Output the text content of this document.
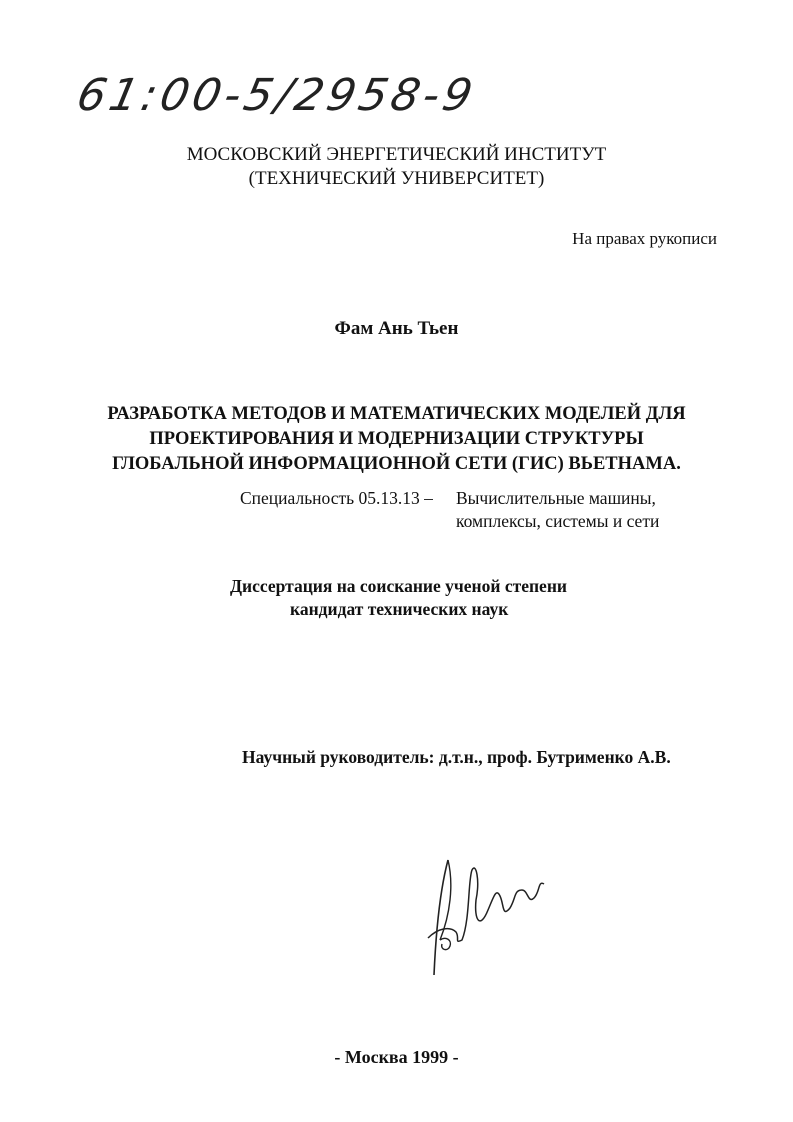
61:00-5/2958-9
МОСКОВСКИЙ ЭНЕРГЕТИЧЕСКИЙ ИНСТИТУТ
(ТЕХНИЧЕСКИЙ УНИВЕРСИТЕТ)
На правах рукописи
Фам Ань Тьен
РАЗРАБОТКА МЕТОДОВ И МАТЕМАТИЧЕСКИХ МОДЕЛЕЙ ДЛЯ
ПРОЕКТИРОВАНИЯ И МОДЕРНИЗАЦИИ СТРУКТУРЫ
ГЛОБАЛЬНОЙ ИНФОРМАЦИОННОЙ СЕТИ (ГИС) ВЬЕТНАМА.
Специальность 05.13.13 – Вычислительные машины,
комплексы, системы и сети
Диссертация на соискание ученой степени
кандидат технических наук
Научный руководитель: д.т.н., проф. Бутрименко А.В.
- Москва 1999 -
